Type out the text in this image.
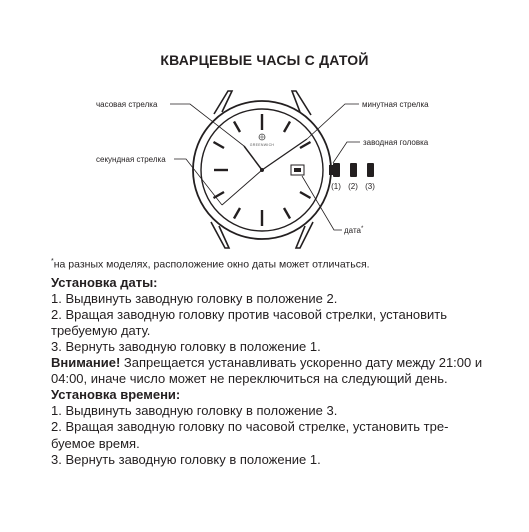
КВАРЦЕВЫЕ ЧАСЫ С ДАТОЙ
GREENWICH
(1) (2) (3)
часовая стрелка	минутная стрелка
секундная стрелка
заводная головка
дата*

*на разных моделях, расположение окно даты может отличаться.

Установка даты:

1. Выдвинуть заводную головку в положение 2.

2. Вращая заводную головку против часовой стрелки, установить требуемую дату.

3. Вернуть заводную головку в положение 1.

Внимание! Запрещается устанавливать ускоренно дату между 21:00 и 04:00, иначе число может не переключиться на следующий день.

Установка времени:

1. Выдвинуть заводную головку в положение 3.

2. Вращая заводную головку по часовой стрелке, установить тре-буемое время.

3. Вернуть заводную головку в положение 1.
